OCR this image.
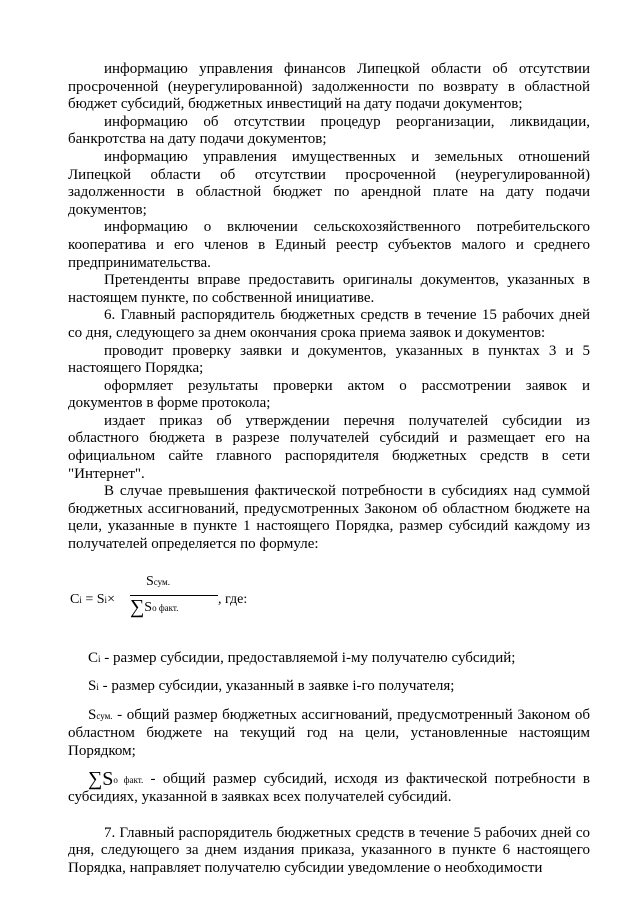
информацию управления финансов Липецкой области об отсутствии просроченной (неурегулированной) задолженности по возврату в областной бюджет субсидий, бюджетных инвестиций на дату подачи документов;

информацию об отсутствии процедур реорганизации, ликвидации, банкротства на дату подачи документов;

информацию управления имущественных и земельных отношений Липецкой области об отсутствии просроченной (неурегулированной) задолженности в областной бюджет по арендной плате на дату подачи документов;

информацию о включении сельскохозяйственного потребительского кооператива и его членов в Единый реестр субъектов малого и среднего предпринимательства.

Претенденты вправе предоставить оригиналы документов, указанных в настоящем пункте, по собственной инициативе.

6. Главный распорядитель бюджетных средств в течение 15 рабочих дней со дня, следующего за днем окончания срока приема заявок и документов:

проводит проверку заявки и документов, указанных в пунктах 3 и 5 настоящего Порядка;

оформляет результаты проверки актом о рассмотрении заявок и документов в форме протокола;

издает приказ об утверждении перечня получателей субсидии из областного бюджета в разрезе получателей субсидий и размещает его на официальном сайте главного распорядителя бюджетных средств в сети "Интернет".

В случае превышения фактической потребности в субсидиях над суммой бюджетных ассигнований, предусмотренных Законом об областном бюджете на цели, указанные в пункте 1 настоящего Порядка, размер субсидий каждому из получателей определяется по формуле:

Ci = Si×
Sсум.
∑Sо факт.
, где:

Ci - размер субсидии, предоставляемой i-му получателю субсидий;

Si - размер субсидии, указанный в заявке i-го получателя;

Sсум. - общий размер бюджетных ассигнований, предусмотренный Законом об областном бюджете на текущий год на цели, установленные настоящим Порядком;

∑Sо факт. - общий размер субсидий, исходя из фактической потребности в субсидиях, указанной в заявках всех получателей субсидий.

7. Главный распорядитель бюджетных средств в течение 5 рабочих дней со дня, следующего за днем издания приказа, указанного в пункте 6 настоящего Порядка, направляет получателю субсидии уведомление о необходимости
